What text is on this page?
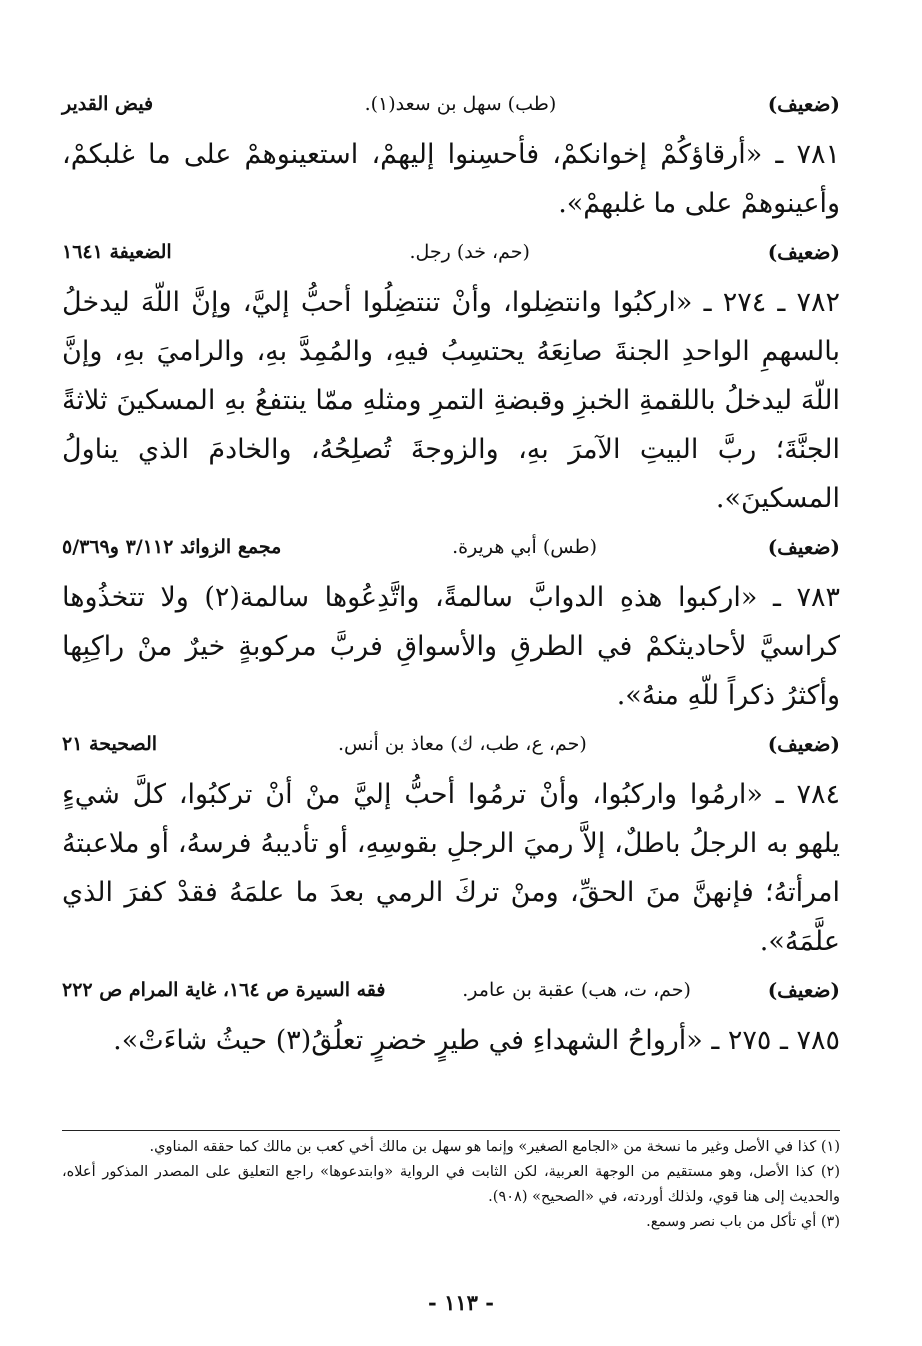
(ضعيف)
(طب) سهل بن سعد(١).
فيض القدير
٧٨١ ـ «أرقاؤكُمْ إخوانكمْ، فأحسِنوا إليهمْ، استعينوهمْ على ما غلبكمْ، وأعينوهمْ على ما غلبهمْ».
(ضعيف)
(حم، خد) رجل.
الضعيفة ١٦٤١
٧٨٢ ـ ٢٧٤ ـ «اركبُوا وانتضِلوا، وأنْ تنتضِلُوا أحبُّ إليَّ، وإنَّ اللّهَ ليدخلُ بالسهمِ الواحدِ الجنةَ صانِعَهُ يحتسِبُ فيهِ، والمُمِدَّ بهِ، والراميَ بهِ، وإنَّ اللّهَ ليدخلُ باللقمةِ الخبزِ وقبضةِ التمرِ ومثلهِ ممّا ينتفعُ بهِ المسكينَ ثلاثةً الجنَّةَ؛ ربَّ البيتِ الآمرَ بهِ، والزوجةَ تُصلِحُهُ، والخادمَ الذي يناولُ المسكينَ».
(ضعيف)
(طس) أبي هريرة.
مجمع الزوائد ٣/١١٢ و٥/٣٦٩
٧٨٣ ـ «اركبوا هذهِ الدوابَّ سالمةً، واتَّدِعُوها سالمة(٢) ولا تتخذُوها كراسيَّ لأحاديثكمْ في الطرقِ والأسواقِ فربَّ مركوبةٍ خيرٌ منْ راكِبِها وأكثرُ ذكراً للّهِ منهُ».
(ضعيف)
(حم، ع، طب، ك) معاذ بن أنس.
الصحيحة ٢١
٧٨٤ ـ «ارمُوا واركبُوا، وأنْ ترمُوا أحبُّ إليَّ منْ أنْ تركبُوا، كلَّ شيءٍ يلهو به الرجلُ باطلٌ، إلاَّ رميَ الرجلِ بقوسِهِ، أو تأديبهُ فرسهُ، أو ملاعبتهُ امرأتهُ؛ فإنهنَّ منَ الحقِّ، ومنْ تركَ الرمي بعدَ ما علمَهُ فقدْ كفرَ الذي علَّمَهُ».
(ضعيف)
(حم، ت، هب) عقبة بن عامر.
فقه السيرة ص ١٦٤، غاية المرام ص ٢٢٢
٧٨٥ ـ ٢٧٥ ـ «أرواحُ الشهداءِ في طيرٍ خضرٍ تعلُقُ(٣) حيثُ شاءَتْ».
(١) كذا في الأصل وغير ما نسخة من «الجامع الصغير» وإنما هو سهل بن مالك أخي كعب بن مالك كما حققه المناوي.
(٢) كذا الأصل، وهو مستقيم من الوجهة العربية، لكن الثابت في الرواية «وابتدعوها» راجع التعليق على المصدر المذكور أعلاه، والحديث إلى هنا قوي، ولذلك أوردته، في «الصحيح» (٩٠٨).
(٣) أي تأكل من باب نصر وسمع.
- ١١٣ -
